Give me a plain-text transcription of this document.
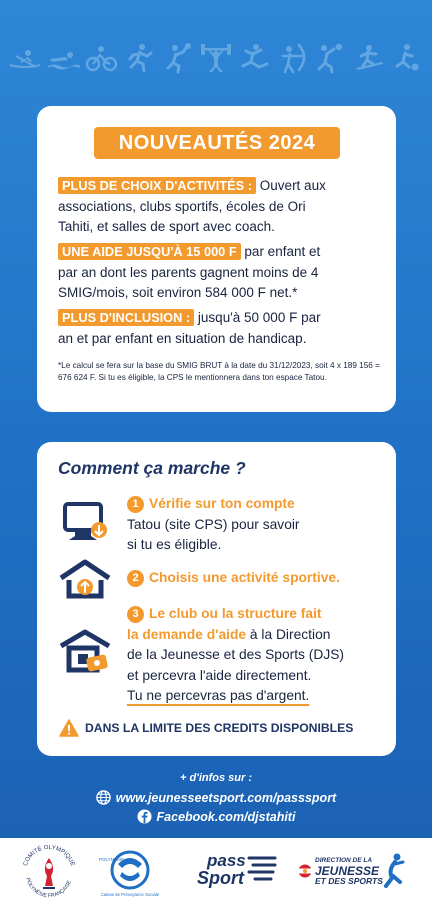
NOUVEAUTÉS 2024
PLUS DE CHOIX D'ACTIVITÉS : Ouvert aux
associations, clubs sportifs, écoles de Ori
Tahiti, et salles de sport avec coach.
UNE AIDE JUSQU'À 15 000 F par enfant et
par an dont les parents gagnent moins de 4
SMIG/mois, soit environ 584 000 F net.*
PLUS D'INCLUSION : jusqu'à 50 000 F par
an et par enfant en situation de handicap.
*Le calcul se fera sur la base du SMIG BRUT à la date du 31/12/2023, soit 4 x 189 156 = 676 624 F. Si tu es éligible, la CPS le mentionnera dans ton espace Tatou.
Comment ça marche ?
1 Vérifie sur ton compte
Tatou (site CPS) pour savoir
si tu es éligible.
2 Choisis une activité sportive.
3 Le club ou la structure fait
la demande d'aide à la Direction
de la Jeunesse et des Sports (DJS)
et percevra l'aide directement.
Tu ne percevras pas d'argent.
DANS LA LIMITE DES CREDITS DISPONIBLES
+ d'infos sur :
www.jeunesseetsport.com/passsport
Facebook.com/djstahiti
COMITÉ OLYMPIQUE
POLYNÉSIE FRANÇAISE
POLYNÉSIE
Caisse de Prévoyance Sociale
pass
Sport
DIRECTION DE LA
JEUNESSE
ET DES SPORTS
